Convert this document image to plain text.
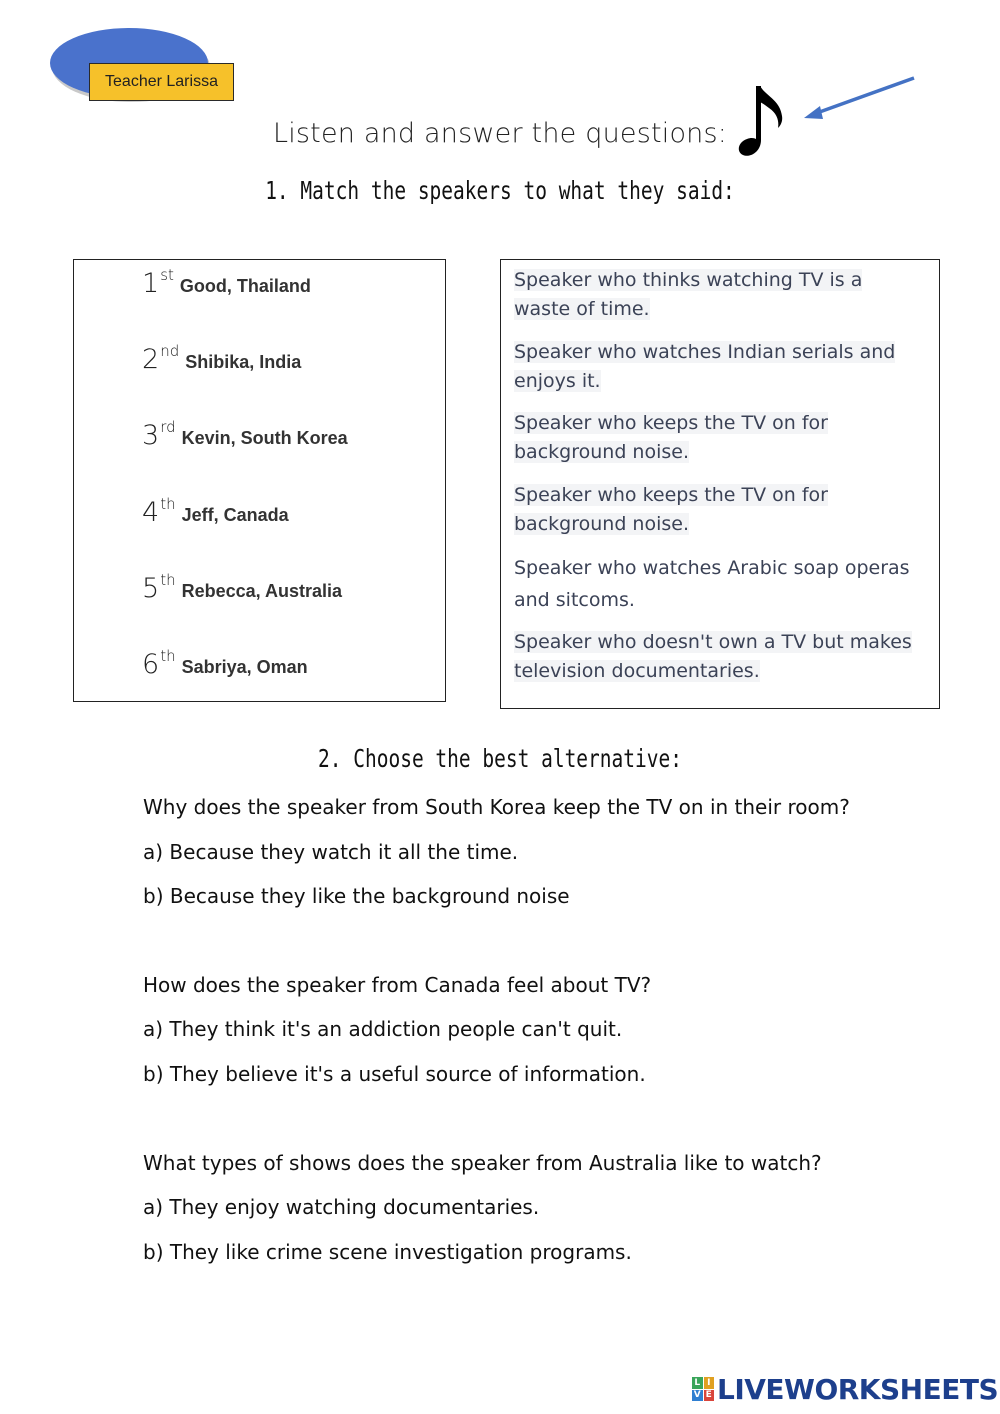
Teacher Larissa
Listen and answer the questions:
1. Match the speakers to what they said:
1stGood, Thailand
2ndShibika, India
3rdKevin, South Korea
4thJeff, Canada
5thRebecca, Australia
6thSabriya, Oman
Speaker who thinks watching TV is a waste of time.
Speaker who watches Indian serials and enjoys it.
Speaker who keeps the TV on for background noise.
Speaker who keeps the TV on for background noise.
Speaker who watches Arabic soap operas and sitcoms.
Speaker who doesn't own a TV but makes television documentaries.
2. Choose the best alternative:
Why does the speaker from South Korea keep the TV on in their room?
a) Because they watch it all the time.
b) Because they like the background noise
How does the speaker from Canada feel about TV?
a) They think it's an addiction people can't quit.
b) They believe it's a useful source of information.
What types of shows does the speaker from Australia like to watch?
a) They enjoy watching documentaries.
b) They like crime scene investigation programs.
L I
V E LIVEWORKSHEETS
